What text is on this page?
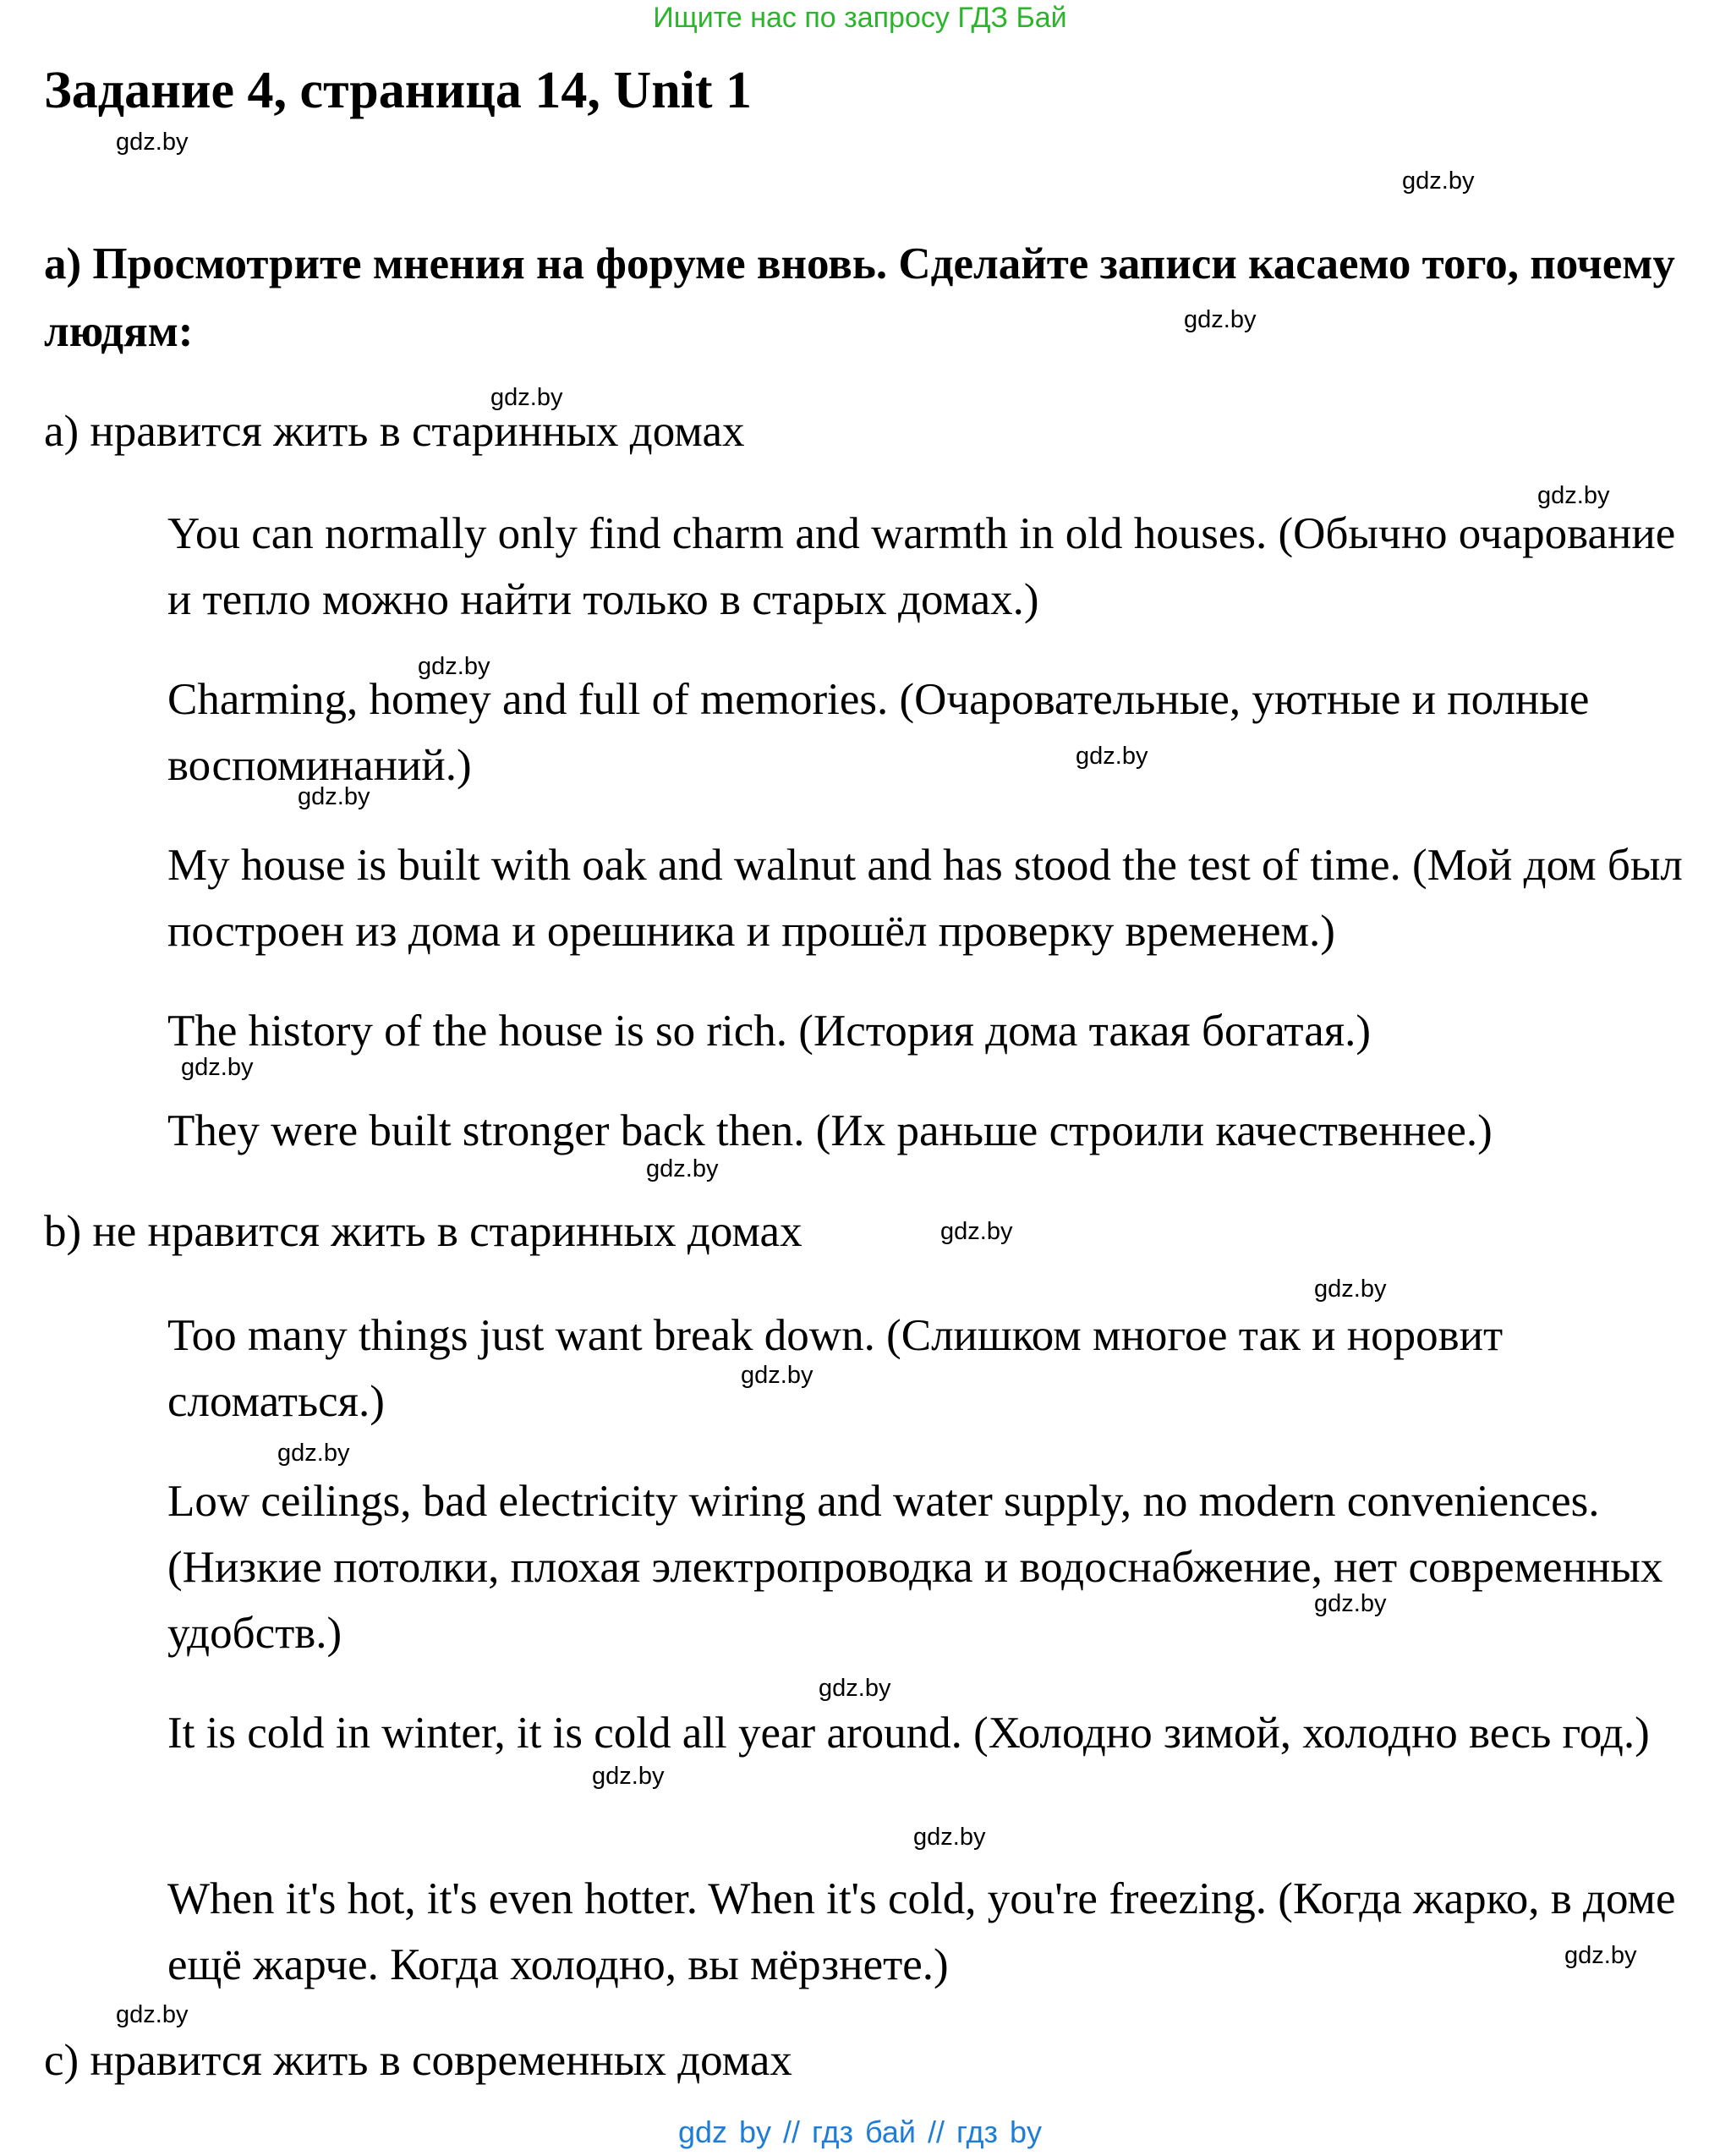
Ищите нас по запросу ГДЗ Бай
Задание 4, страница 14, Unit 1
a) Просмотрите мнения на форуме вновь. Сделайте записи касаемо того, почему людям:
а) нравится жить в старинных домах
You can normally only find charm and warmth in old houses. (Обычно очарование и тепло можно найти только в старых домах.)
Charming, homey and full of memories. (Очаровательные, уютные и полные воспоминаний.)
My house is built with oak and walnut and has stood the test of time. (Мой дом был построен из дома и орешника и прошёл проверку временем.)
The history of the house is so rich. (История дома такая богатая.)
They were built stronger back then. (Их раньше строили качественнее.)
b) не нравится жить в старинных домах
Too many things just want break down. (Слишком многое так и норовит сломаться.)
Low ceilings, bad electricity wiring and water supply, no modern conveniences. (Низкие потолки, плохая электропроводка и водоснабжение, нет современных удобств.)
It is cold in winter, it is cold all year around. (Холодно зимой, холодно весь год.)
When it's hot, it's even hotter. When it's cold, you're freezing. (Когда жарко, в доме ещё жарче. Когда холодно, вы мёрзнете.)
с) нравится жить в современных домах
gdz.by
gdz.by
gdz.by
gdz.by
gdz.by
gdz.by
gdz.by
gdz.by
gdz.by
gdz.by
gdz.by
gdz.by
gdz.by
gdz.by
gdz.by
gdz.by
gdz.by
gdz.by
gdz.by
gdz.by
gdz by // гдз бай // гдз by
